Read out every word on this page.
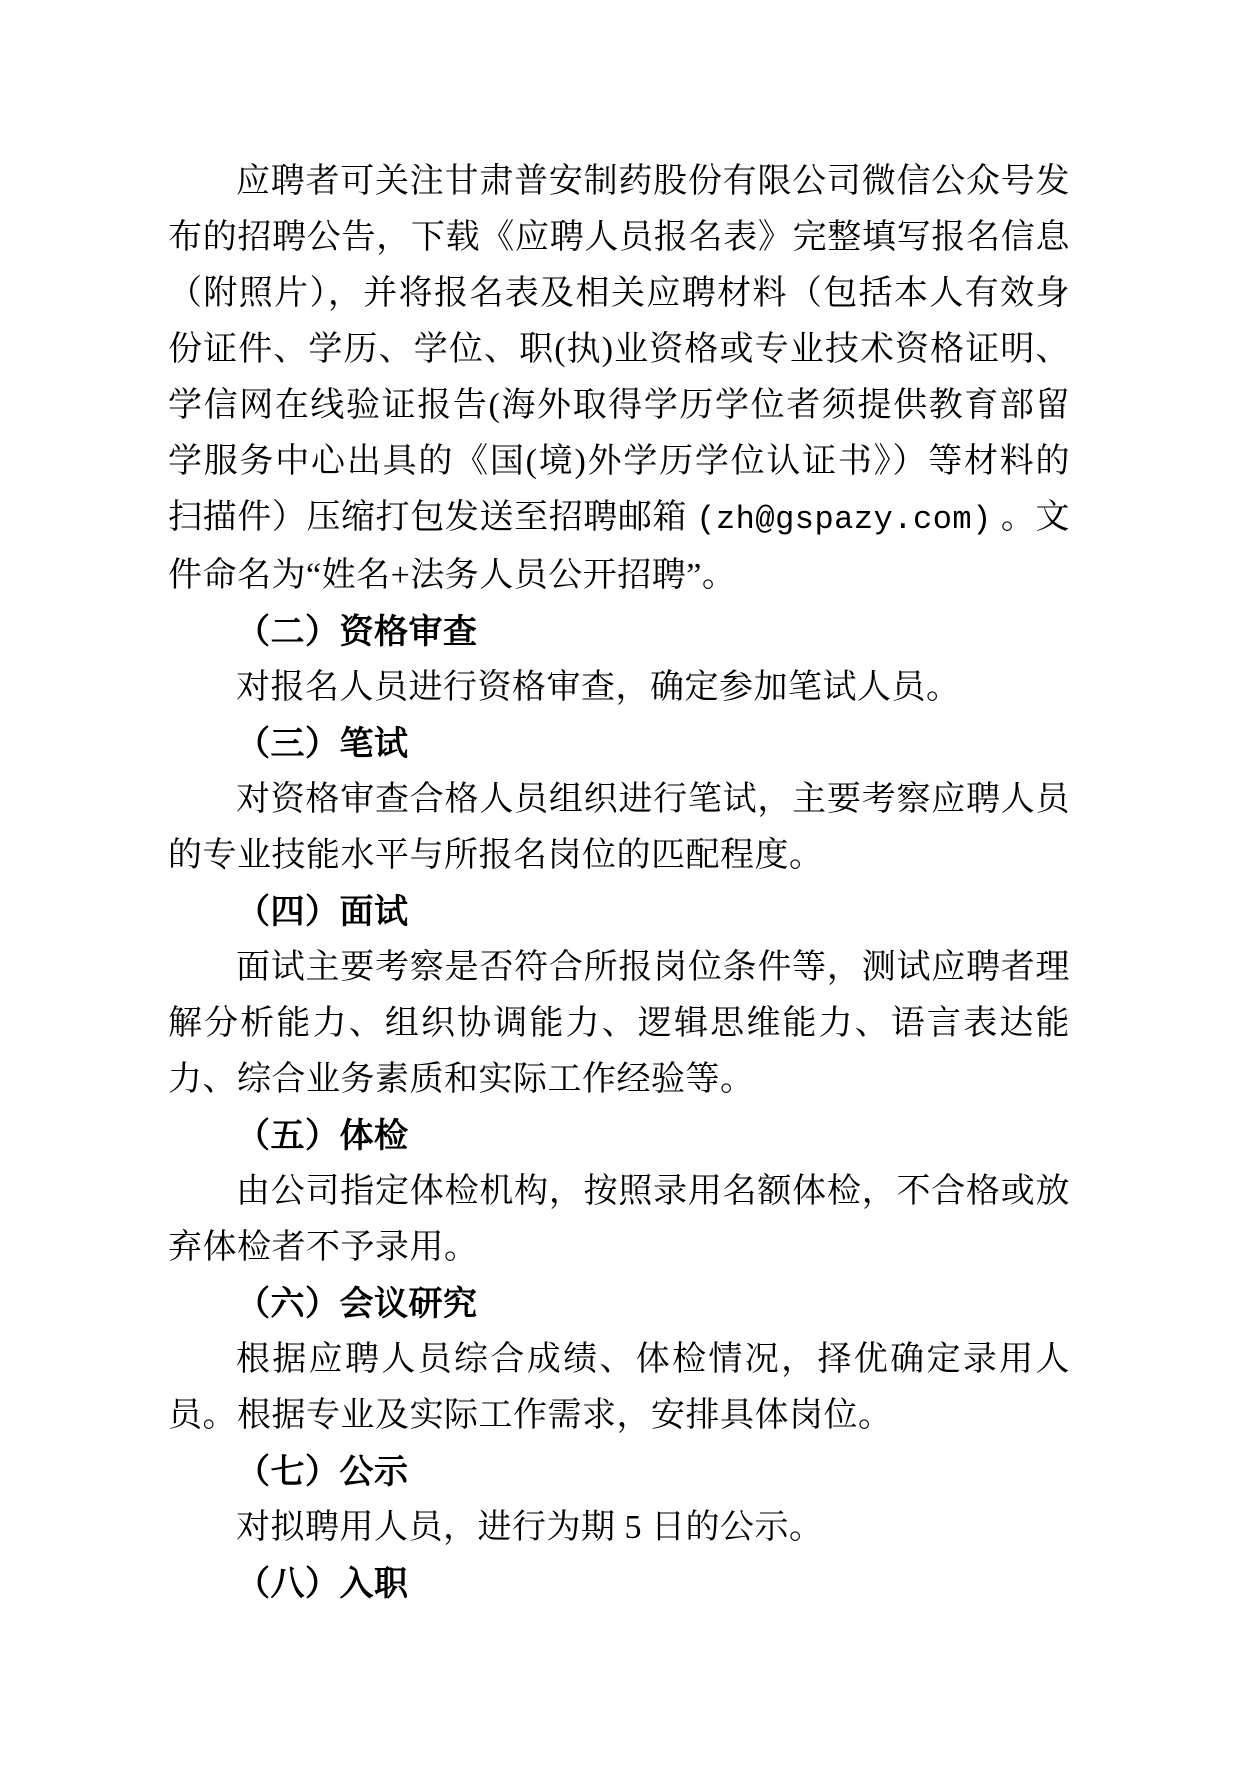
应聘者可关注甘肃普安制药股份有限公司微信公众号发布的招聘公告，下载《应聘人员报名表》完整填写报名信息（附照片），并将报名表及相关应聘材料（包括本人有效身份证件、学历、学位、职(执)业资格或专业技术资格证明、学信网在线验证报告(海外取得学历学位者须提供教育部留学服务中心出具的《国(境)外学历学位认证书》）等材料的扫描件）压缩打包发送至招聘邮箱 (zh@gspazy.com) 。文件命名为“姓名+法务人员公开招聘”。

（二）资格审查

对报名人员进行资格审查，确定参加笔试人员。

（三）笔试

对资格审查合格人员组织进行笔试，主要考察应聘人员的专业技能水平与所报名岗位的匹配程度。

（四）面试

面试主要考察是否符合所报岗位条件等，测试应聘者理解分析能力、组织协调能力、逻辑思维能力、语言表达能力、综合业务素质和实际工作经验等。

（五）体检

由公司指定体检机构，按照录用名额体检，不合格或放弃体检者不予录用。

（六）会议研究

根据应聘人员综合成绩、体检情况，择优确定录用人员。根据专业及实际工作需求，安排具体岗位。

（七）公示

对拟聘用人员，进行为期 5 日的公示。

（八）入职
